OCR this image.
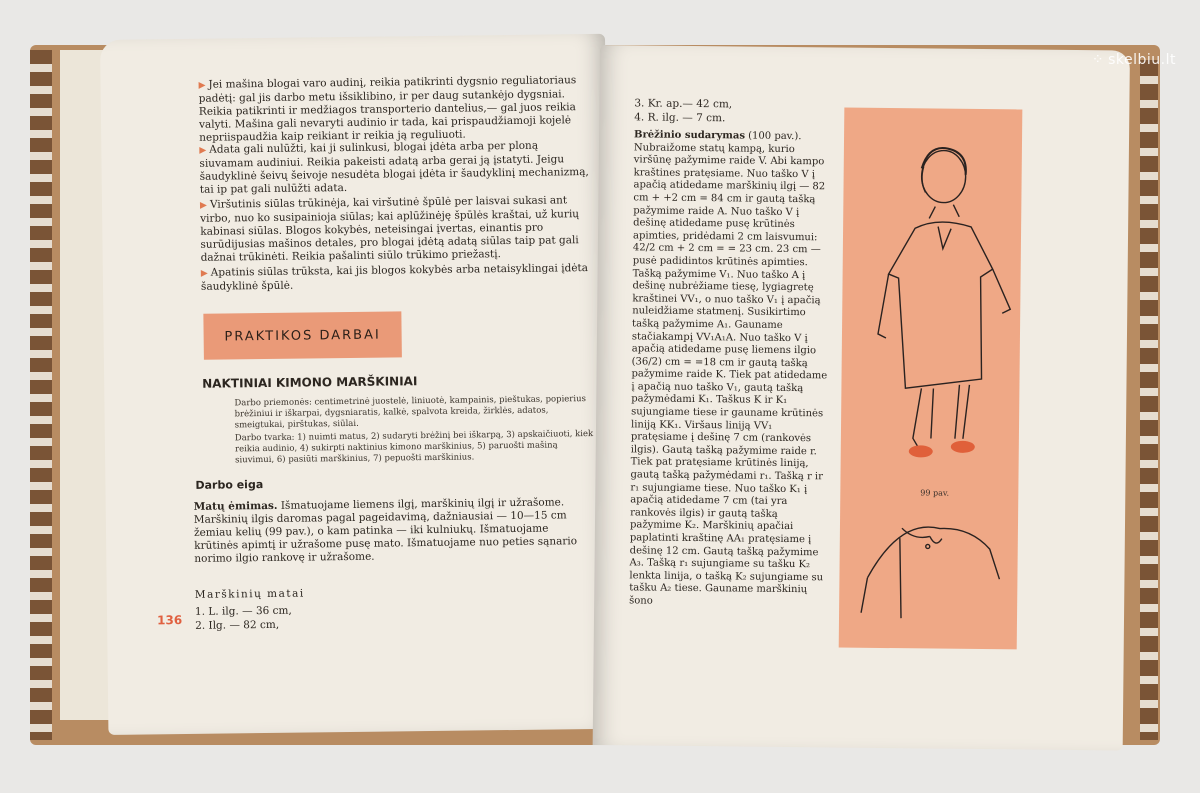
▶ Jei mašina blogai varo audinį, reikia patikrinti dygsnio reguliatoriaus padėtį: gal jis darbo metu išsiklibino, ir per daug sutankėjo dygsniai. Reikia patikrinti ir medžiagos transporterio dantelius,— gal juos reikia valyti. Mašina gali nevaryti audinio ir tada, kai prispaudžiamoji kojelė nepriispaudžia kaip reikiant ir reikia ją reguliuoti.

▶ Adata gali nulūžti, kai ji sulinkusi, blogai įdėta arba per ploną siuvamam audiniui. Reikia pakeisti adatą arba gerai ją įstatyti. Jeigu šaudyklinė šeivų šeivoje nesudėta blogai įdėta ir šaudyklinį mechanizmą, tai ip pat gali nulūžti adata.

▶ Viršutinis siūlas trūkinėja, kai viršutinė špūlė per laisvai sukasi ant virbo, nuo ko susipainioja siūlas; kai aplūžinėję špūlės kraštai, už kurių kabinasi siūlas. Blogos kokybės, neteisingai įvertas, einantis pro surūdijusias mašinos detales, pro blogai įdėtą adatą siūlas taip pat gali dažnai trūkinėti. Reikia pašalinti siūlo trūkimo priežastį.

▶ Apatinis siūlas trūksta, kai jis blogos kokybės arba netaisyklingai įdėta šaudyklinė špūlė.

PRAKTIKOS DARBAI
NAKTINIAI KIMONO MARŠKINIAI
Darbo priemonės: centimetrinė juostelė, liniuotė, kampainis, pieštukas, popierius brėžiniui ir iškarpai, dygsniaratis, kalkė, spalvota kreida, žirklės, adatos, smeigtukai, pirštukas, siūlai.
Darbo tvarka: 1) nuimti matus, 2) sudaryti brėžinį bei iškarpą, 3) apskaičiuoti, kiek reikia audinio, 4) sukirpti naktinius kimono marškinius, 5) paruošti mašiną siuvimui, 6) pasiūti marškinius, 7) pepuošti marškinius.
Darbo eiga

Matų ėmimas. Išmatuojame liemens ilgį, marškinių ilgį ir užrašome. Marškinių ilgis daromas pagal pageidavimą, dažniausiai — 10—15 cm žemiau kelių (99 pav.), o kam patinka — iki kulniukų. Išmatuojame krūtinės apimtį ir užrašome pusę mato. Išmatuojame nuo peties sąnario norimo ilgio rankovę ir užrašome.

Marškinių matai
1. L. ilg. — 36 cm,
2. Ilg. — 82 cm,
136
3. Kr. ap.— 42 cm,
4. R. ilg. — 7 cm.

Brėžinio sudarymas (100 pav.). Nubraižome statų kampą, kurio viršūnę pažymime raide V. Abi kampo kraštines pratęsiame. Nuo taško V į apačią atidedame marškinių ilgį — 82 cm + +2 cm = 84 cm ir gautą tašką pažymime raide A. Nuo taško V į dešinę atidedame pusę krūtinės apimties, pridėdami 2 cm laisvumui: 42/2 cm + 2 cm = = 23 cm. 23 cm — pusė padidintos krūtinės apimties. Tašką pažymime V₁. Nuo taško A į dešinę nubrėžiame tiesę, lygiagretę kraštinei VV₁, o nuo taško V₁ į apačią nuleidžiame statmenį. Susikirtimo tašką pažymime A₁. Gauname stačiakampį VV₁A₁A. Nuo taško V į apačią atidedame pusę liemens ilgio (36/2) cm = =18 cm ir gautą tašką pažymime raide K. Tiek pat atidedame į apačią nuo taško V₁, gautą tašką pažymėdami K₁. Taškus K ir K₁ sujungiame tiese ir gauname krūtinės liniją KK₁. Viršaus liniją VV₁ pratęsiame į dešinę 7 cm (rankovės ilgis). Gautą tašką pažymime raide r. Tiek pat pratęsiame krūtinės liniją, gautą tašką pažymėdami r₁. Tašką r ir r₁ sujungiame tiese. Nuo taško K₁ į apačią atidedame 7 cm (tai yra rankovės ilgis) ir gautą tašką pažymime K₂. Marškinių apačiai paplatinti kraštinę AA₁ pratęsiame į dešinę 12 cm. Gautą tašką pažymime A₃. Tašką r₁ sujungiame su tašku K₂ lenkta linija, o tašką K₂ sujungiame su tašku A₂ tiese. Gauname marškinių šono

99 pav.
⁘ skelbiu.lt
